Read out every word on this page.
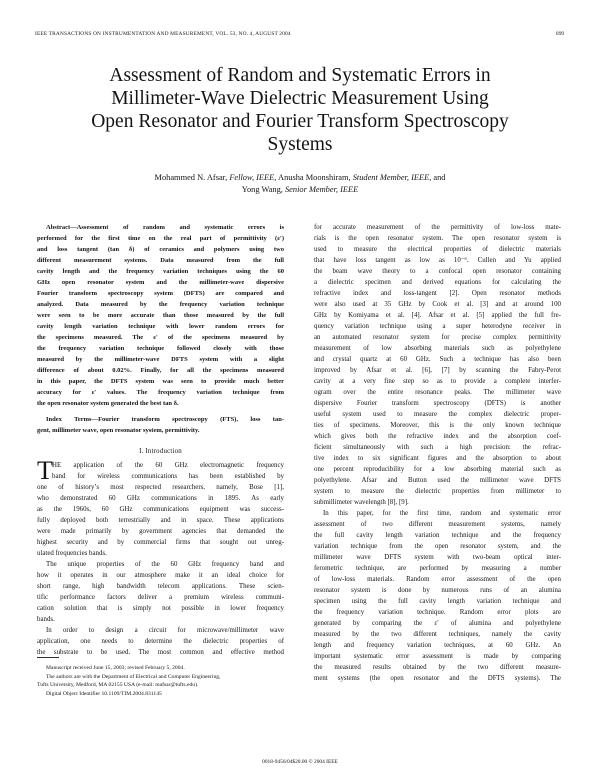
IEEE TRANSACTIONS ON INSTRUMENTATION AND MEASUREMENT, VOL. 53, NO. 4, AUGUST 2004	899
Assessment of Random and Systematic Errors in
Millimeter-Wave Dielectric Measurement Using
Open Resonator and Fourier Transform Spectroscopy
Systems
Mohammed N. Afsar, Fellow, IEEE, Anusha Moonshiram, Student Member, IEEE, and
Yong Wang, Senior Member, IEEE
Abstract—Assessment of random and systematic errors is
performed for the first time on the real part of permittivity (ε′)
and loss tangent (tan δ) of ceramics and polymers using two
different measurement systems. Data measured from the full
cavity length and the frequency variation techniques using the 60
GHz open resonator system and the millimeter-wave dispersive
Fourier transform spectroscopy system (DFTS) are compared and
analyzed. Data measured by the frequency variation technique
were seen to be more accurate than those measured by the full
cavity length variation technique with lower random errors for
the specimens measured. The ε′ of the specimens measured by
the frequency variation technique followed closely with those
measured by the millimeter-wave DFTS system with a slight
difference of about 0.02%. Finally, for all the specimens measured
in this paper, the DFTS system was seen to provide much better
accuracy for ε′ values. The frequency variation technique from
the open resonator system generated the best tan δ.
Index Terms—Fourier transform spectroscopy (FTS), loss tan-
gent, millimeter wave, open resonator system, permittivity.
I. Introduction
T HE application of the 60 GHz electromagnetic frequency
band for wireless communications has been established by
one of history’s most respected researchers, namely, Bose [1],
who demonstrated 60 GHz communications in 1895. As early
as the 1960s, 60 GHz communications equipment was success-
fully deployed both terrestrially and in space. These applications
were made primarily by government agencies that demanded the
highest security and by commercial firms that sought out unreg-
ulated frequencies bands.
The unique properties of the 60 GHz frequency band and
how it operates in our atmosphere make it an ideal choice for
short range, high bandwidth telecom applications. These scien-
tific performance factors deliver a premium wireless communi-
cation solution that is simply not possible in lower frequency
bands.
In order to design a circuit for microwave/millimeter wave
application, one needs to determine the dielectric properties of
the substrate to be used. The most common and effective method
Manuscript received June 15, 2003; revised February 5, 2004.
The authors are with the Department of Electrical and Computer Engineering,
Tufts University, Medford, MA 02155 USA (e-mail: mafsar@tufts.edu).
Digital Object Identifier 10.1109/TIM.2004.831145
for accurate measurement of the permittivity of low-loss mate-
rials is the open resonator system. The open resonator system is
used to measure the electrical properties of dielectric materials
that have loss tangent as low as 10⁻⁶. Cullen and Yu applied
the beam wave theory to a confocal open resonator containing
a dielectric specimen and derived equations for calculating the
refractive index and loss-tangent [2]. Open resonator methods
were also used at 35 GHz by Cook et al. [3] and at around 100
GHz by Komiyama et al. [4]. Afsar et al. [5] applied the full fre-
quency variation technique using a super heterodyne receiver in
an automated resonator system for precise complex permittivity
measurement of low absorbing materials such as polyethylene
and crystal quartz at 60 GHz. Such a technique has also been
improved by Afsar et al. [6], [7] by scanning the Fabry-Perot
cavity at a very fine step so as to provide a complete interfer-
ogram over the entire resonance peaks. The millimeter wave
dispersive Fourier transform spectroscopy (DFTS) is another
useful system used to measure the complex dielectric proper-
ties of specimens. Moreover, this is the only known technique
which gives both the refractive index and the absorption coef-
ficient simultaneously with such a high precision: the refrac-
tive index to six significant figures and the absorption to about
one percent reproducibility for a low absorbing material such as
polyethylene. Afsar and Button used the millimeter wave DFTS
system to measure the dielectric properties from millimeter to
submillimeter wavelength [8], [9].
In this paper, for the first time, random and systematic error
assessment of two different measurement systems, namely
the full cavity length variation technique and the frequency
variation technique from the open resonator system, and the
millimeter wave DFTS system with two-beam optical inter-
ferometric technique, are performed by measuring a number
of low-loss materials. Random error assessment of the open
resonator system is done by numerous runs of an alumina
specimen using the full cavity length variation technique and
the frequency variation technique. Random error plots are
generated by comparing the ε′ of alumina and polyethylene
measured by the two different techniques, namely the cavity
length and frequency variation techniques, at 60 GHz. An
important systematic error assessment is made by comparing
the measured results obtained by the two different measure-
ment systems (the open resonator and the DFTS systems). The
0018-9456/04$20.00 © 2004 IEEE
